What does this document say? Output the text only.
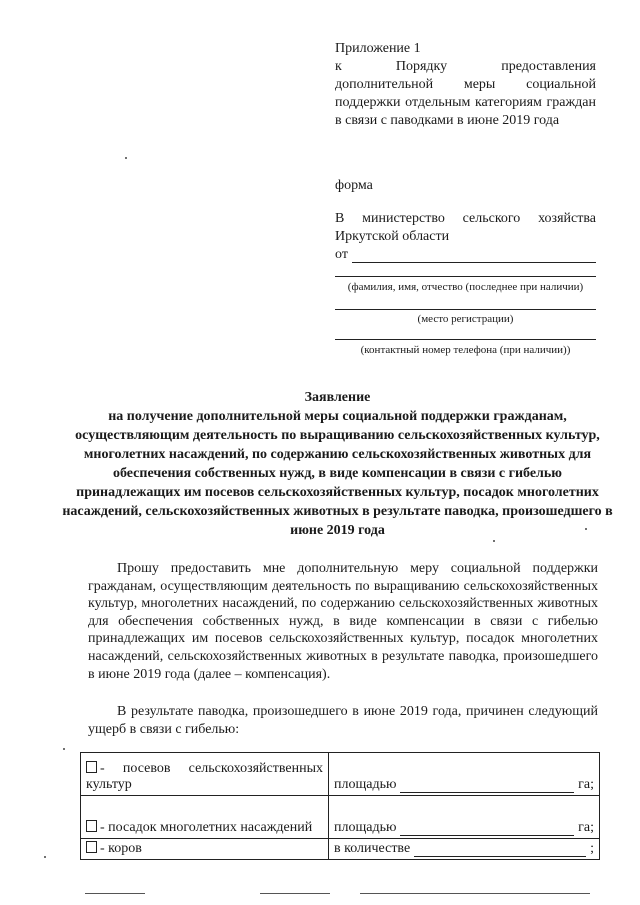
Приложение 1
к Порядку предоставления дополнительной меры социальной поддержки отдельным категориям граждан в связи с паводками в июне 2019 года
форма
В министерство сельского хозяйства Иркутской области
от
(фамилия, имя, отчество (последнее при наличии)
(место регистрации)
(контактный номер телефона (при наличии))
Заявление
на получение дополнительной меры социальной поддержки гражданам, осуществляющим деятельность по выращиванию сельскохозяйственных культур, многолетних насаждений, по содержанию сельскохозяйственных животных для обеспечения собственных нужд, в виде компенсации в связи с гибелью принадлежащих им посевов сельскохозяйственных культур, посадок многолетних насаждений, сельскохозяйственных животных в результате паводка, произошедшего в июне 2019 года
Прошу предоставить мне дополнительную меру социальной поддержки гражданам, осуществляющим деятельность по выращиванию сельскохозяйственных культур, многолетних насаждений, по содержанию сельскохозяйственных животных для обеспечения собственных нужд, в виде компенсации в связи с гибелью принадлежащих им посевов сельскохозяйственных культур, посадок многолетних насаждений, сельскохозяйственных животных в результате паводка, произошедшего в июне 2019 года (далее – компенсация).
В результате паводка, произошедшего в июне 2019 года, причинен следующий ущерб в связи с гибелью:
- посевов сельскохозяйственных культур	площадью га;

- посадок многолетних насаждений	площадью га;

- коров	в количестве ;
